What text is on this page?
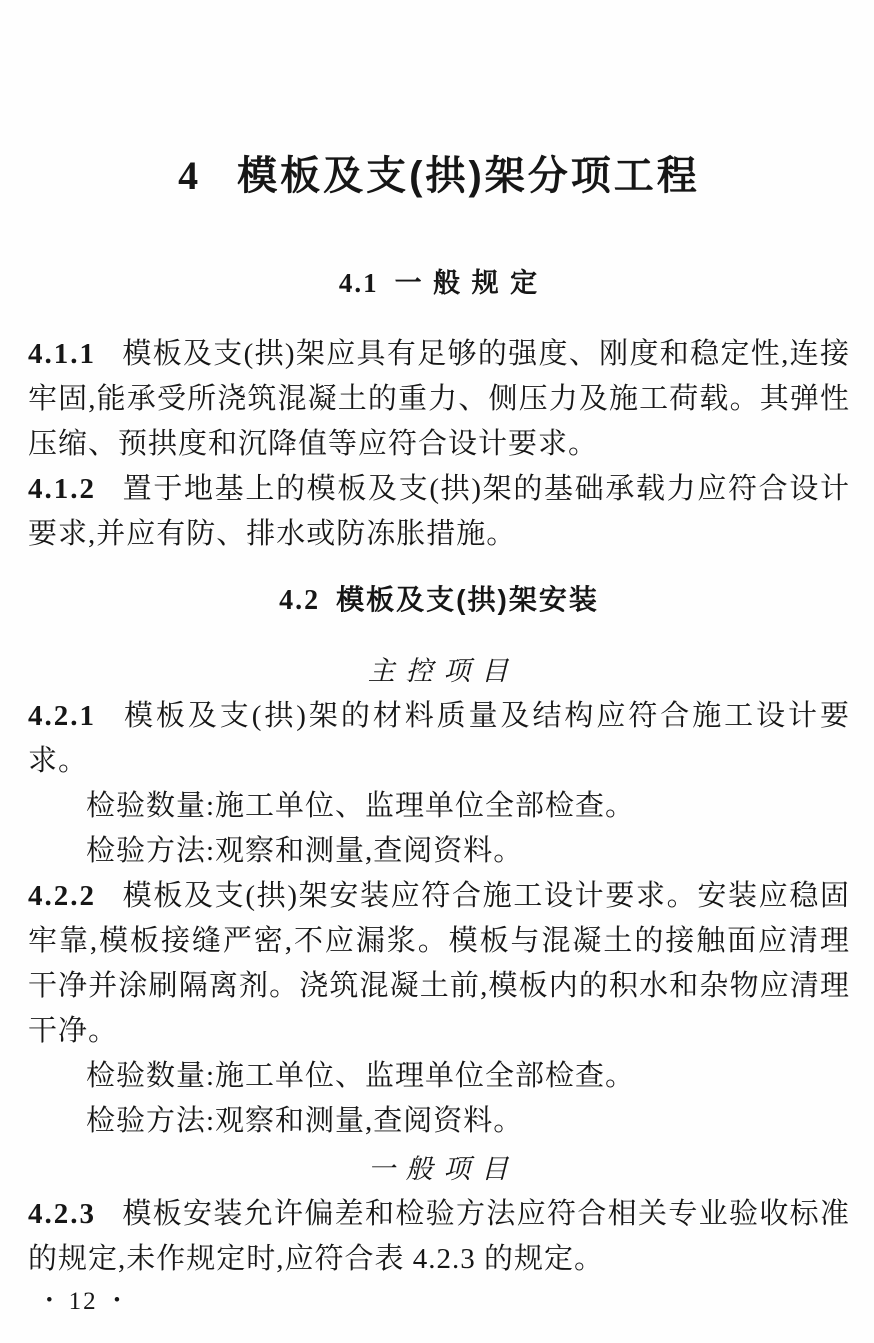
4 模板及支(拱)架分项工程
4.1 一 般 规 定

4.1.1 模板及支(拱)架应具有足够的强度、刚度和稳定性,连接牢固,能承受所浇筑混凝土的重力、侧压力及施工荷载。其弹性压缩、预拱度和沉降值等应符合设计要求。

4.1.2 置于地基上的模板及支(拱)架的基础承载力应符合设计要求,并应有防、排水或防冻胀措施。

4.2 模板及支(拱)架安装
主 控 项 目

4.2.1 模板及支(拱)架的材料质量及结构应符合施工设计要求。

检验数量:施工单位、监理单位全部检查。

检验方法:观察和测量,查阅资料。

4.2.2 模板及支(拱)架安装应符合施工设计要求。安装应稳固牢靠,模板接缝严密,不应漏浆。模板与混凝土的接触面应清理干净并涂刷隔离剂。浇筑混凝土前,模板内的积水和杂物应清理干净。

检验数量:施工单位、监理单位全部检查。

检验方法:观察和测量,查阅资料。

一 般 项 目

4.2.3 模板安装允许偏差和检验方法应符合相关专业验收标准的规定,未作规定时,应符合表 4.2.3 的规定。

• 12 •
